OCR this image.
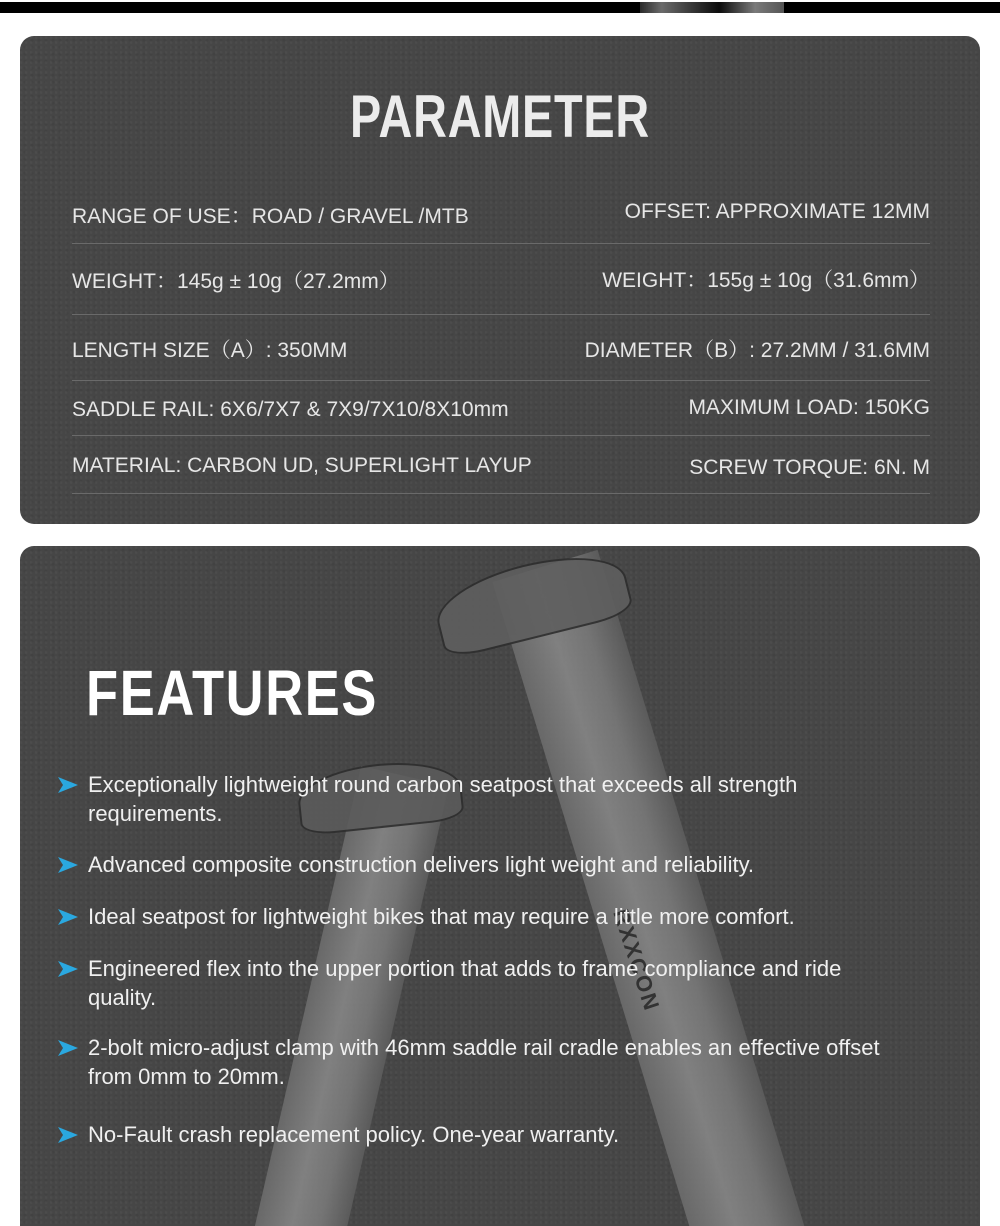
PARAMETER
RANGE OF USE：ROAD / GRAVEL /MTB	OFFSET: APPROXIMATE 12MM
WEIGHT：145g ± 10g（27.2mm）	WEIGHT：155g ± 10g（31.6mm）
LENGTH SIZE（A）: 350MM	DIAMETER（B）: 27.2MM / 31.6MM
SADDLE RAIL: 6X6/7X7 & 7X9/7X10/8X10mm	MAXIMUM LOAD: 150KG
MATERIAL: CARBON UD, SUPERLIGHT LAYUP	SCREW TORQUE: 6N. M
RXXCON
FEATURES
Exceptionally lightweight round carbon seatpost that exceeds all strength requirements.
Advanced composite construction delivers light weight and reliability.
Ideal seatpost for lightweight bikes that may require a little more comfort.
Engineered flex into the upper portion that adds to frame compliance and ride quality.
2-bolt micro-adjust clamp with 46mm saddle rail cradle enables an effective offset from 0mm to 20mm.
No-Fault crash replacement policy. One-year warranty.
